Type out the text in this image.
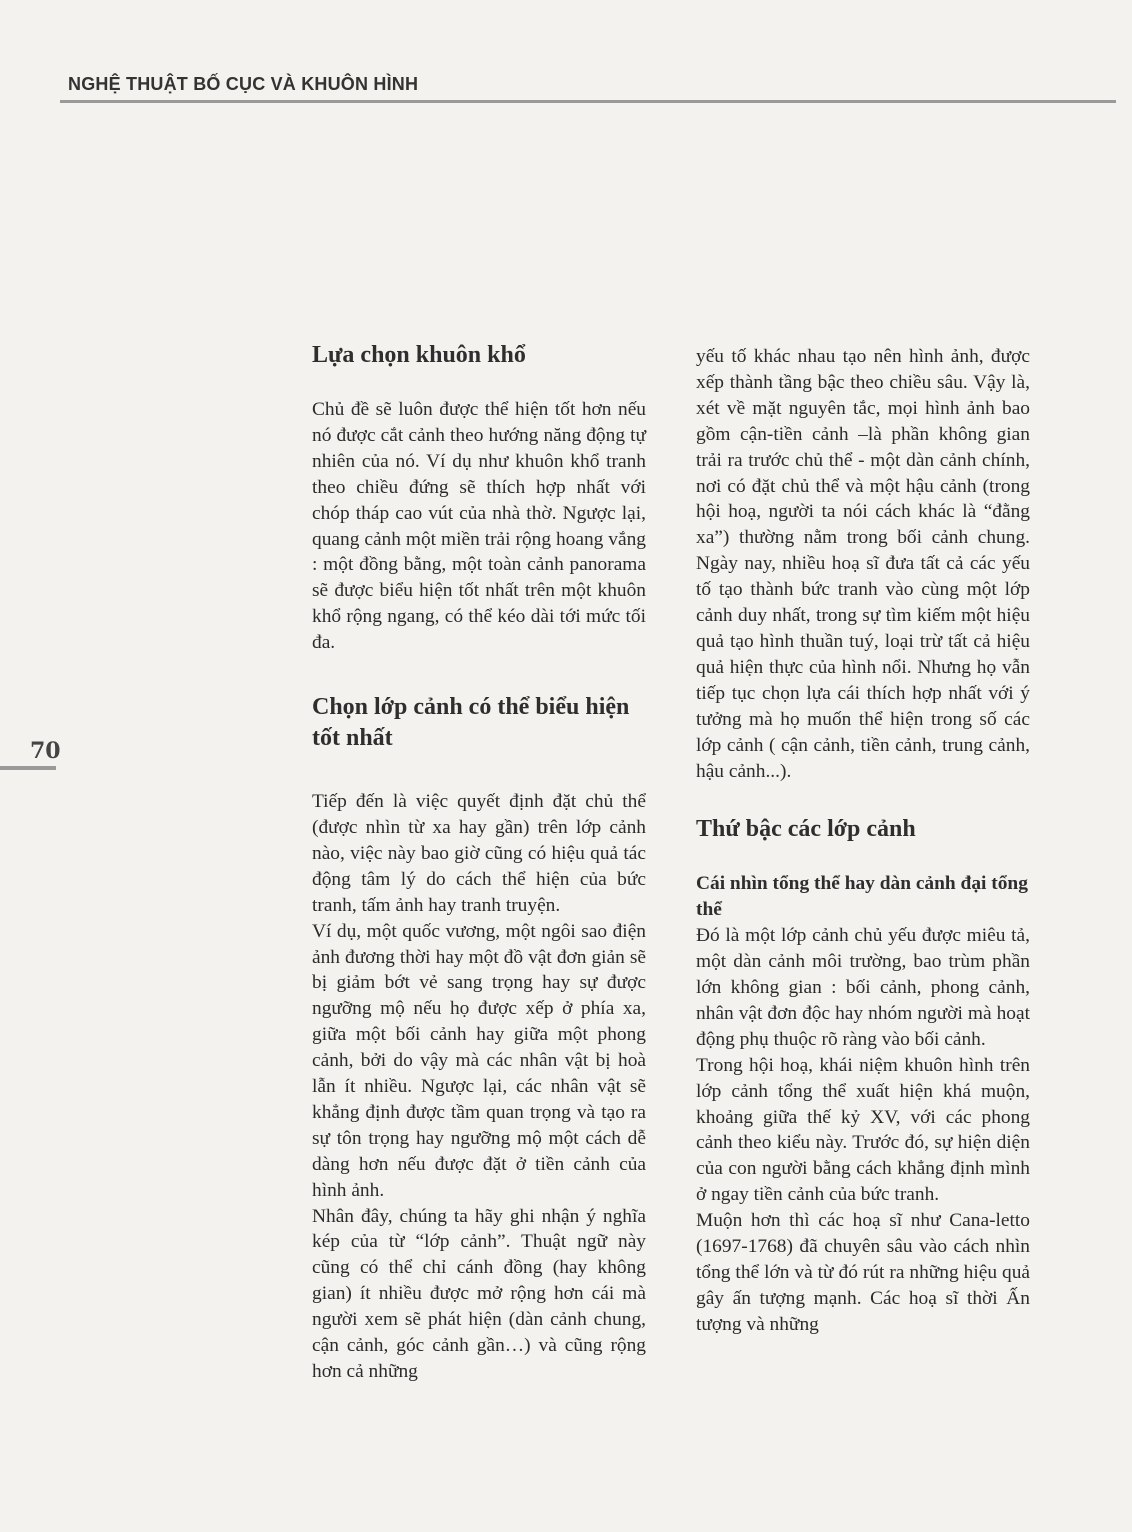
NGHỆ THUẬT BỐ CỤC VÀ KHUÔN HÌNH
70
Lựa chọn khuôn khổ

Chủ đề sẽ luôn được thể hiện tốt hơn nếu nó được cắt cảnh theo hướng năng động tự nhiên của nó. Ví dụ như khuôn khổ tranh theo chiều đứng sẽ thích hợp nhất với chóp tháp cao vút của nhà thờ. Ngược lại, quang cảnh một miền trải rộng hoang vắng : một đồng bằng, một toàn cảnh panorama sẽ được biểu hiện tốt nhất trên một khuôn khổ rộng ngang, có thể kéo dài tới mức tối đa.

Chọn lớp cảnh có thể biểu hiện tốt nhất

Tiếp đến là việc quyết định đặt chủ thể (được nhìn từ xa hay gần) trên lớp cảnh nào, việc này bao giờ cũng có hiệu quả tác động tâm lý do cách thể hiện của bức tranh, tấm ảnh hay tranh truyện.

Ví dụ, một quốc vương, một ngôi sao điện ảnh đương thời hay một đồ vật đơn giản sẽ bị giảm bớt vẻ sang trọng hay sự được ngưỡng mộ nếu họ được xếp ở phía xa, giữa một bối cảnh hay giữa một phong cảnh, bởi do vậy mà các nhân vật bị hoà lẫn ít nhiều. Ngược lại, các nhân vật sẽ khẳng định được tầm quan trọng và tạo ra sự tôn trọng hay ngưỡng mộ một cách dễ dàng hơn nếu được đặt ở tiền cảnh của hình ảnh.

Nhân đây, chúng ta hãy ghi nhận ý nghĩa kép của từ “lớp cảnh”. Thuật ngữ này cũng có thể chỉ cánh đồng (hay không gian) ít nhiều được mở rộng hơn cái mà người xem sẽ phát hiện (dàn cảnh chung, cận cảnh, góc cảnh gần…) và cũng rộng hơn cả những

yếu tố khác nhau tạo nên hình ảnh, được xếp thành tầng bậc theo chiều sâu. Vậy là, xét về mặt nguyên tắc, mọi hình ảnh bao gồm cận-tiền cảnh –là phần không gian trải ra trước chủ thể - một dàn cảnh chính, nơi có đặt chủ thể và một hậu cảnh (trong hội hoạ, người ta nói cách khác là “đằng xa”) thường nằm trong bối cảnh chung. Ngày nay, nhiều hoạ sĩ đưa tất cả các yếu tố tạo thành bức tranh vào cùng một lớp cảnh duy nhất, trong sự tìm kiếm một hiệu quả tạo hình thuần tuý, loại trừ tất cả hiệu quả hiện thực của hình nổi. Nhưng họ vẫn tiếp tục chọn lựa cái thích hợp nhất với ý tưởng mà họ muốn thể hiện trong số các lớp cảnh ( cận cảnh, tiền cảnh, trung cảnh, hậu cảnh...).

Thứ bậc các lớp cảnh
Cái nhìn tổng thể hay dàn cảnh đại tổng thể

Đó là một lớp cảnh chủ yếu được miêu tả, một dàn cảnh môi trường, bao trùm phần lớn không gian : bối cảnh, phong cảnh, nhân vật đơn độc hay nhóm người mà hoạt động phụ thuộc rõ ràng vào bối cảnh.

Trong hội hoạ, khái niệm khuôn hình trên lớp cảnh tổng thể xuất hiện khá muộn, khoảng giữa thế kỷ XV, với các phong cảnh theo kiểu này. Trước đó, sự hiện diện của con người bằng cách khẳng định mình ở ngay tiền cảnh của bức tranh.

Muộn hơn thì các hoạ sĩ như Cana-letto (1697-1768) đã chuyên sâu vào cách nhìn tổng thể lớn và từ đó rút ra những hiệu quả gây ấn tượng mạnh. Các hoạ sĩ thời Ấn tượng và những
